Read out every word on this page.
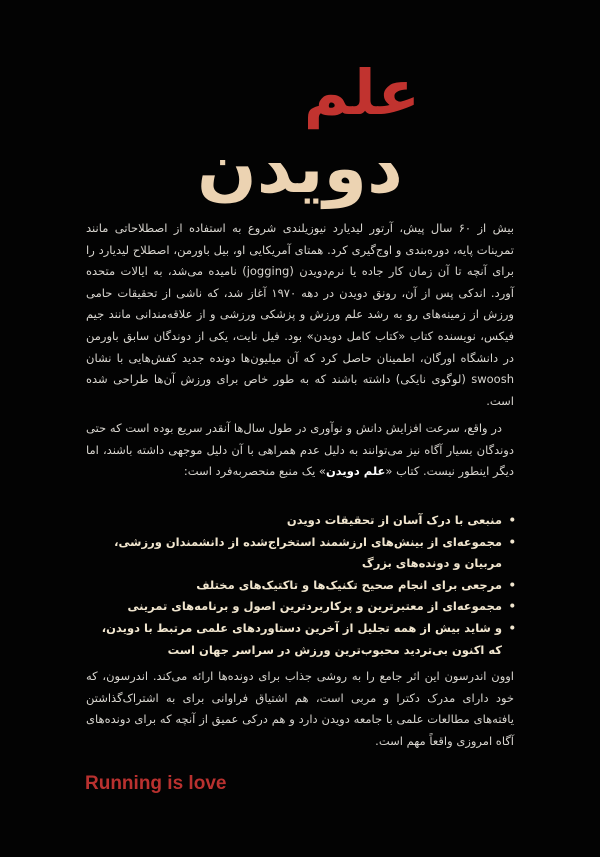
علم
دویدن

بیش از ۶۰ سال پیش، آرتور لیدیارد نیوزیلندی شروع به استفاده از اصطلاحاتی مانند تمرینات پایه، دوره‌بندی و اوج‌گیری کرد. همتای آمریکایی او، بیل باورمن، اصطلاح لیدیارد را برای آنچه تا آن زمان کار جاده یا نرم‌دویدن (jogging) نامیده می‌شد، به ایالات متحده آورد. اندکی پس از آن، رونق دویدن در دهه ۱۹۷۰ آغاز شد، که ناشی از تحقیقات حامی ورزش از زمینه‌های رو به رشد علم ورزش و پزشکی ورزشی و از علاقه‌مندانی مانند جیم فیکس، نویسنده کتاب «کتاب کامل دویدن» بود. فیل نایت، یکی از دوندگان سابق باورمن در دانشگاه اورگان، اطمینان حاصل کرد که آن میلیون‌ها دونده جدید کفش‌هایی با نشان swoosh (لوگوی نایکی) داشته باشند که به طور خاص برای ورزش آن‌ها طراحی شده است.

در واقع، سرعت افزایش دانش و نوآوری در طول سال‌ها آنقدر سریع بوده است که حتی دوندگان بسیار آگاه نیز می‌توانند به دلیل عدم همراهی با آن دلیل موجهی داشته باشند، اما دیگر اینطور نیست. کتاب «علم دویدن» یک منبع منحصربه‌فرد است:

• منبعی با درک آسان از تحقیقات دویدن
• مجموعه‌ای از بینش‌های ارزشمند استخراج‌شده از دانشمندان ورزشی، مربیان و دونده‌های بزرگ
• مرجعی برای انجام صحیح تکنیک‌ها و تاکتیک‌های مختلف
• مجموعه‌ای از معتبرترین و پرکاربردترین اصول و برنامه‌های تمرینی
• و شاید بیش از همه تجلیل از آخرین دستاوردهای علمی مرتبط با دویدن، که اکنون بی‌تردید محبوب‌ترین ورزش در سراسر جهان است

اوون اندرسون این اثر جامع را به روشی جذاب برای دونده‌ها ارائه می‌کند. اندرسون، که خود دارای مدرک دکترا و مربی است، هم اشتیاق فراوانی برای به اشتراک‌گذاشتن یافته‌های مطالعات علمی با جامعه دویدن دارد و هم درکی عمیق از آنچه که برای دونده‌های آگاه امروزی واقعاً مهم است.

Running is love
